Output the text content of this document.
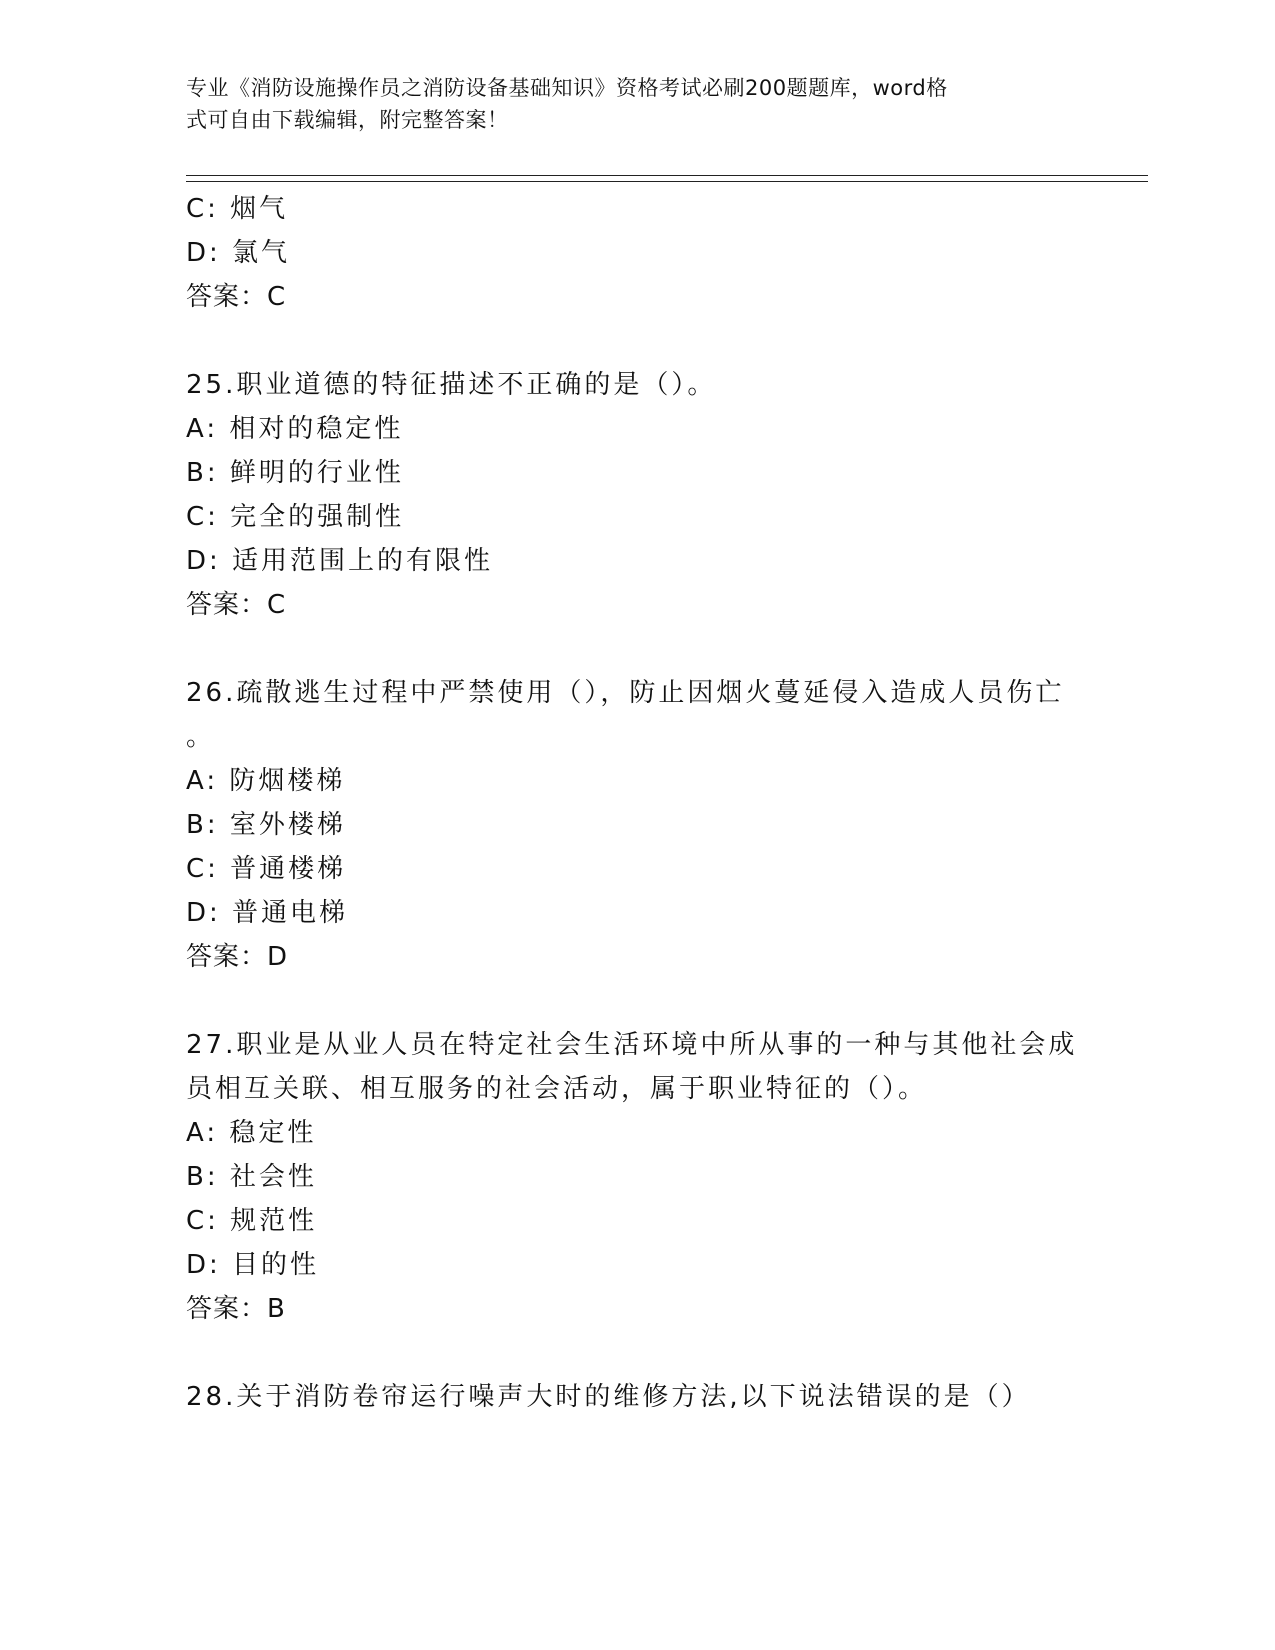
专业《消防设施操作员之消防设备基础知识》资格考试必刷200题题库，word格
式可自由下载编辑，附完整答案！
C: 烟气
D: 氯气
答案：C
25.职业道德的特征描述不正确的是（）。
A: 相对的稳定性
B: 鲜明的行业性
C: 完全的强制性
D: 适用范围上的有限性
答案：C
26.疏散逃生过程中严禁使用（），防止因烟火蔓延侵入造成人员伤亡
。
A: 防烟楼梯
B: 室外楼梯
C: 普通楼梯
D: 普通电梯
答案：D
27.职业是从业人员在特定社会生活环境中所从事的一种与其他社会成
员相互关联、相互服务的社会活动，属于职业特征的（）。
A: 稳定性
B: 社会性
C: 规范性
D: 目的性
答案：B
28.关于消防卷帘运行噪声大时的维修方法,以下说法错误的是（）
